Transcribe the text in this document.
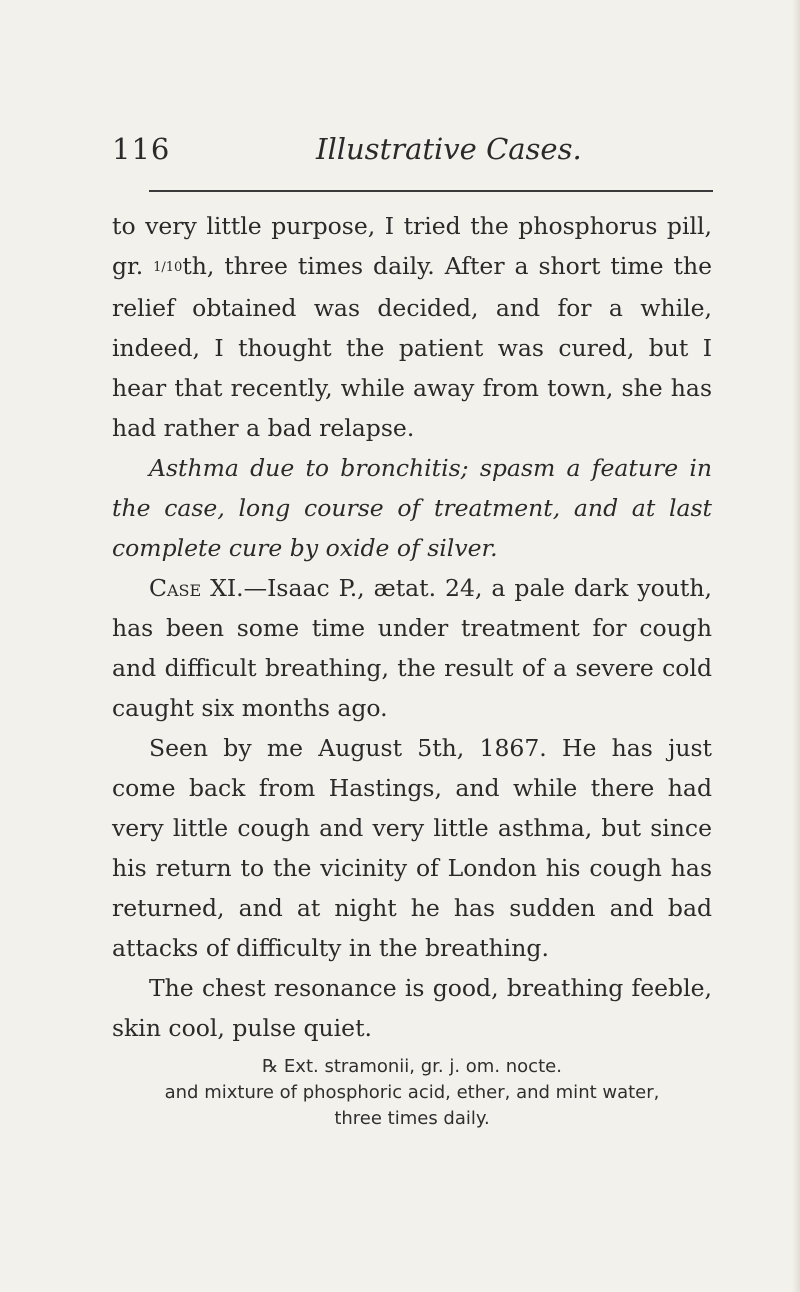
116	Illustrative Cases.

to very little purpose, I tried the phosphorus pill, gr. 1/10th, three times daily. After a short time the relief obtained was decided, and for a while, indeed, I thought the patient was cured, but I hear that recently, while away from town, she has had rather a bad relapse.

Asthma due to bronchitis; spasm a feature in the case, long course of treatment, and at last complete cure by oxide of silver.

Case XI.—Isaac P., ætat. 24, a pale dark youth, has been some time under treatment for cough and difficult breathing, the result of a severe cold caught six months ago.

Seen by me August 5th, 1867. He has just come back from Hastings, and while there had very little cough and very little asthma, but since his return to the vicinity of London his cough has returned, and at night he has sudden and bad attacks of difficulty in the breathing.

The chest resonance is good, breathing feeble, skin cool, pulse quiet.

℞ Ext. stramonii, gr. j. om. nocte.
and mixture of phosphoric acid, ether, and mint water,
three times daily.
